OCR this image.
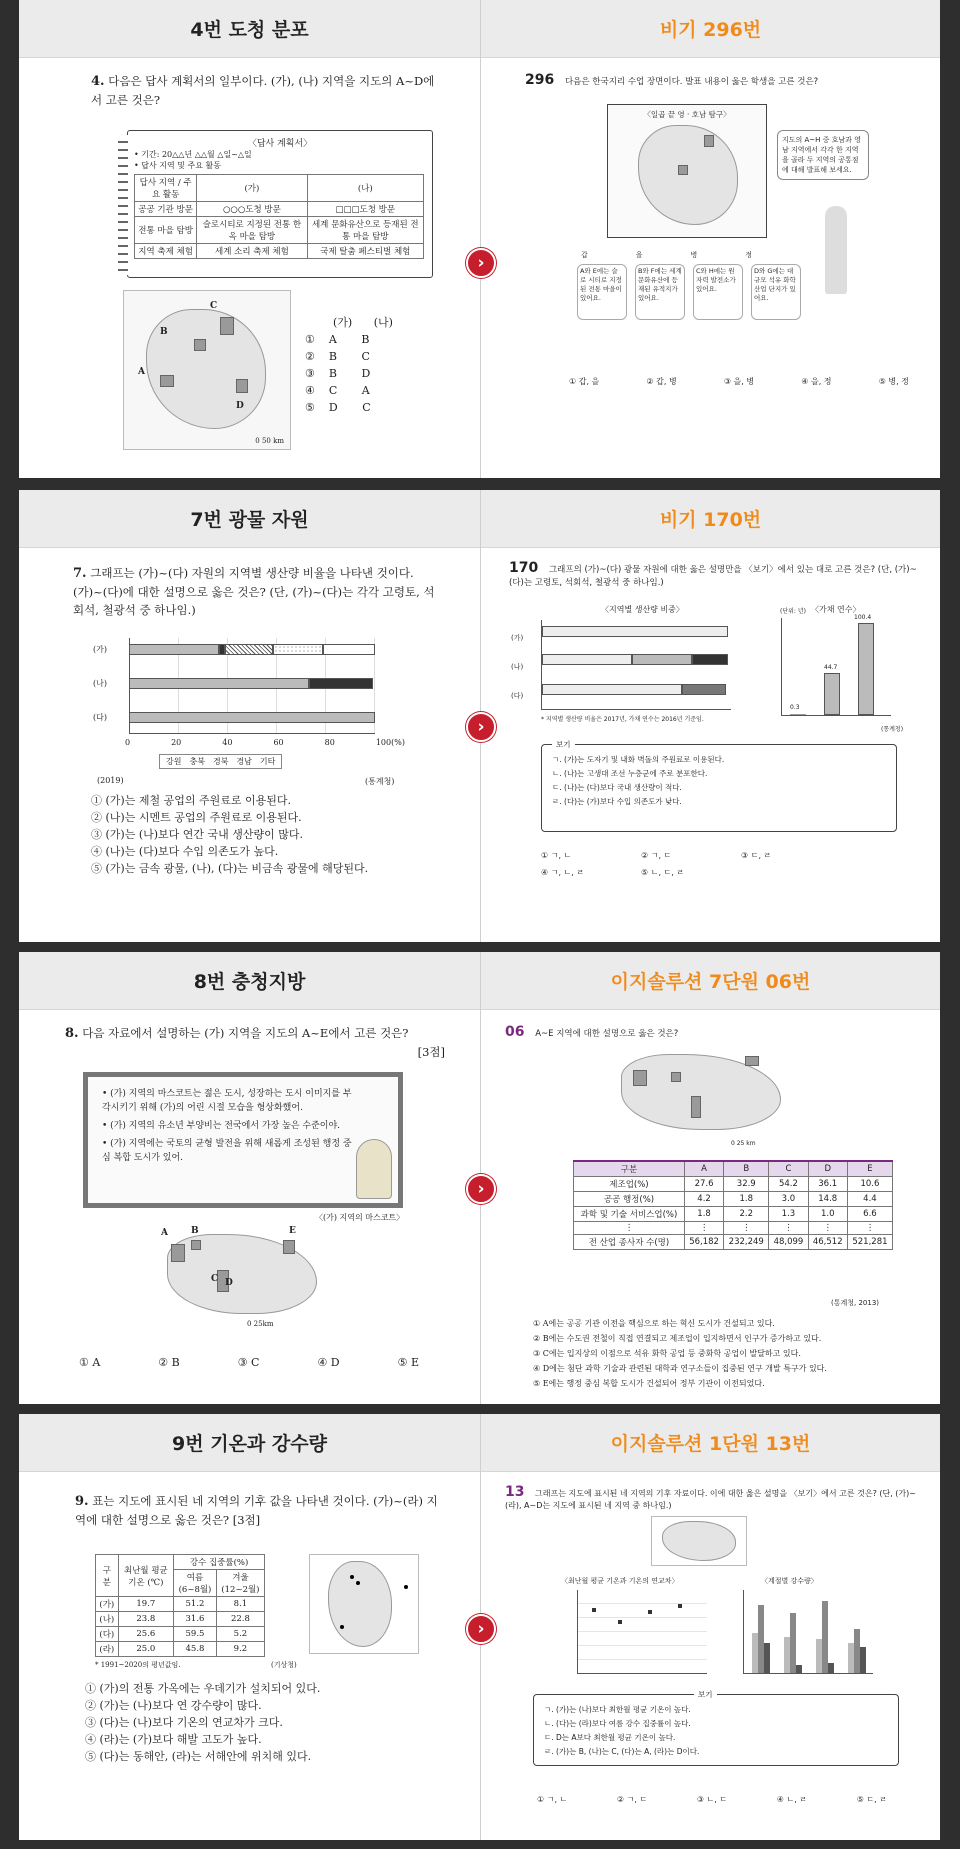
4번 도청 분포	비기 296번
4. 다음은 답사 계획서의 일부이다. (가), (나) 지역을 지도의 A~D에서 고른 것은?
〈답사 계획서〉
• 기간: 20△△년 △△월 △일~△일
• 답사 지역 및 주요 활동
답사 지역 / 주요 활동	(가)	(나)
공공 기관 방문	○○○도청 방문	□□□도청 방문
전통 마을 탐방	슬로시티로 지정된 전통 한옥 마을 탐방	세계 문화유산으로 등재된 전통 마을 탐방
지역 축제 체험	세계 소리 축제 체험	국제 탈춤 페스티벌 체험
C
B
A
D
0 50 km
(가) (나)
① A B
② B C
③ B D
④ C A
⑤ D C
›
296 다음은 한국지리 수업 장면이다. 발표 내용이 옳은 학생을 고른 것은?
〈일곱 끝 영 · 호남 탐구〉
지도의 A~H 중 호남과 영남 지역에서 각각 한 지역을 골라 두 지역의 공통점에 대해 발표해 보세요.
갑	을	병	정
A와 E에는 슬로 시티로 지정된 전통 마을이 있어요.
B와 F에는 세계 문화유산에 등재된 유적지가 있어요.
C와 H에는 원자력 발전소가 있어요.
D와 G에는 대규모 석유 화학 산업 단지가 있어요.
① 갑, 을	② 갑, 병	③ 을, 병	④ 을, 정	⑤ 병, 정
7번 광물 자원	비기 170번
7. 그래프는 (가)~(다) 자원의 지역별 생산량 비율을 나타낸 것이다. (가)~(다)에 대한 설명으로 옳은 것은? (단, (가)~(다)는 각각 고령토, 석회석, 철광석 중 하나임.)
(가)
(나)
(다)
0	20	40	60	80	100(%)
강원 충북 경북 경남 기타
(2019)	(통계청)
① (가)는 제철 공업의 주원료로 이용된다.
② (나)는 시멘트 공업의 주원료로 이용된다.
③ (가)는 (나)보다 연간 국내 생산량이 많다.
④ (나)는 (다)보다 수입 의존도가 높다.
⑤ (가)는 금속 광물, (나), (다)는 비금속 광물에 해당된다.
›
170 그래프의 (가)~(다) 광물 자원에 대한 옳은 설명만을 〈보기〉에서 있는 대로 고른 것은? (단, (가)~(다)는 고령토, 석회석, 철광석 중 하나임.)
〈지역별 생산량 비중〉	〈가채 연수〉
(가)
(나)
(다)
* 지역별 생산량 비율은 2017년, 가채 연수는 2016년 기준임.
(단위: 년)
0.3
44.7
100.4
(통계청)
보기
ㄱ. (가)는 도자기 및 내화 벽돌의 주원료로 이용된다.
ㄴ. (나)는 고생대 조선 누층군에 주로 분포한다.
ㄷ. (나)는 (다)보다 국내 생산량이 적다.
ㄹ. (다)는 (가)보다 수입 의존도가 낮다.
① ㄱ, ㄴ	② ㄱ, ㄷ	③ ㄷ, ㄹ
④ ㄱ, ㄴ, ㄹ	⑤ ㄴ, ㄷ, ㄹ
8번 충청지방	이지솔루션 7단원 06번
8. 다음 자료에서 설명하는 (가) 지역을 지도의 A~E에서 고른 것은?
[3점]
• (가) 지역의 마스코트는 젊은 도시, 성장하는 도시 이미지를 부각시키기 위해 (가)의 어린 시절 모습을 형상화했어.
• (가) 지역의 유소년 부양비는 전국에서 가장 높은 수준이야.
• (가) 지역에는 국토의 균형 발전을 위해 새롭게 조성된 행정 중심 복합 도시가 있어.
〈(가) 지역의 마스코트〉
A	B
C D
E
0 25km
① A	② B	③ C	④ D	⑤ E
›
06 A~E 지역에 대한 설명으로 옳은 것은?
0 25 km
구분	A	B	C	D	E
제조업(%)	27.6	32.9	54.2	36.1	10.6
공공 행정(%)	4.2	1.8	3.0	14.8	4.4
과학 및 기술 서비스업(%)	1.8	2.2	1.3	1.0	6.6
⋮	⋮	⋮	⋮	⋮	⋮
전 산업 종사자 수(명)	56,182	232,249	48,099	46,512	521,281
(통계청, 2013)
① A에는 공공 기관 이전을 핵심으로 하는 혁신 도시가 건설되고 있다.
② B에는 수도권 전철이 직접 연결되고 제조업이 입지하면서 인구가 증가하고 있다.
③ C에는 입지상의 이점으로 석유 화학 공업 등 중화학 공업이 발달하고 있다.
④ D에는 첨단 과학 기술과 관련된 대학과 연구소들이 집중된 연구 개발 특구가 있다.
⑤ E에는 행정 중심 복합 도시가 건설되어 정부 기관이 이전되었다.
9번 기온과 강수량	이지솔루션 1단원 13번
9. 표는 지도에 표시된 네 지역의 기후 값을 나타낸 것이다. (가)~(라) 지역에 대한 설명으로 옳은 것은? [3점]
구분	최난월 평균 기온 (℃)	강수 집중률(%)	
		여름 (6~8월)	겨울 (12~2월)
(가)	19.7	51.2	8.1
(나)	23.8	31.6	22.8
(다)	25.6	59.5	5.2
(라)	25.0	45.8	9.2
* 1991~2020의 평년값임.	(기상청)
① (가)의 전통 가옥에는 우데기가 설치되어 있다.
② (가)는 (나)보다 연 강수량이 많다.
③ (다)는 (나)보다 기온의 연교차가 크다.
④ (라)는 (가)보다 해발 고도가 높다.
⑤ (다)는 동해안, (라)는 서해안에 위치해 있다.
›
13 그래프는 지도에 표시된 네 지역의 기후 자료이다. 이에 대한 옳은 설명을 〈보기〉에서 고른 것은? (단, (가)~(라), A~D는 지도에 표시된 네 지역 중 하나임.)
〈최난월 평균 기온과 기온의 연교차〉	〈계절별 강수량〉
보기
ㄱ. (가)는 (나)보다 최한월 평균 기온이 높다.
ㄴ. (다)는 (라)보다 여름 강수 집중률이 높다.
ㄷ. D는 A보다 최한월 평균 기온이 높다.
ㄹ. (가)는 B, (나)는 C, (다)는 A, (라)는 D이다.
① ㄱ, ㄴ	② ㄱ, ㄷ	③ ㄴ, ㄷ	④ ㄴ, ㄹ	⑤ ㄷ, ㄹ
